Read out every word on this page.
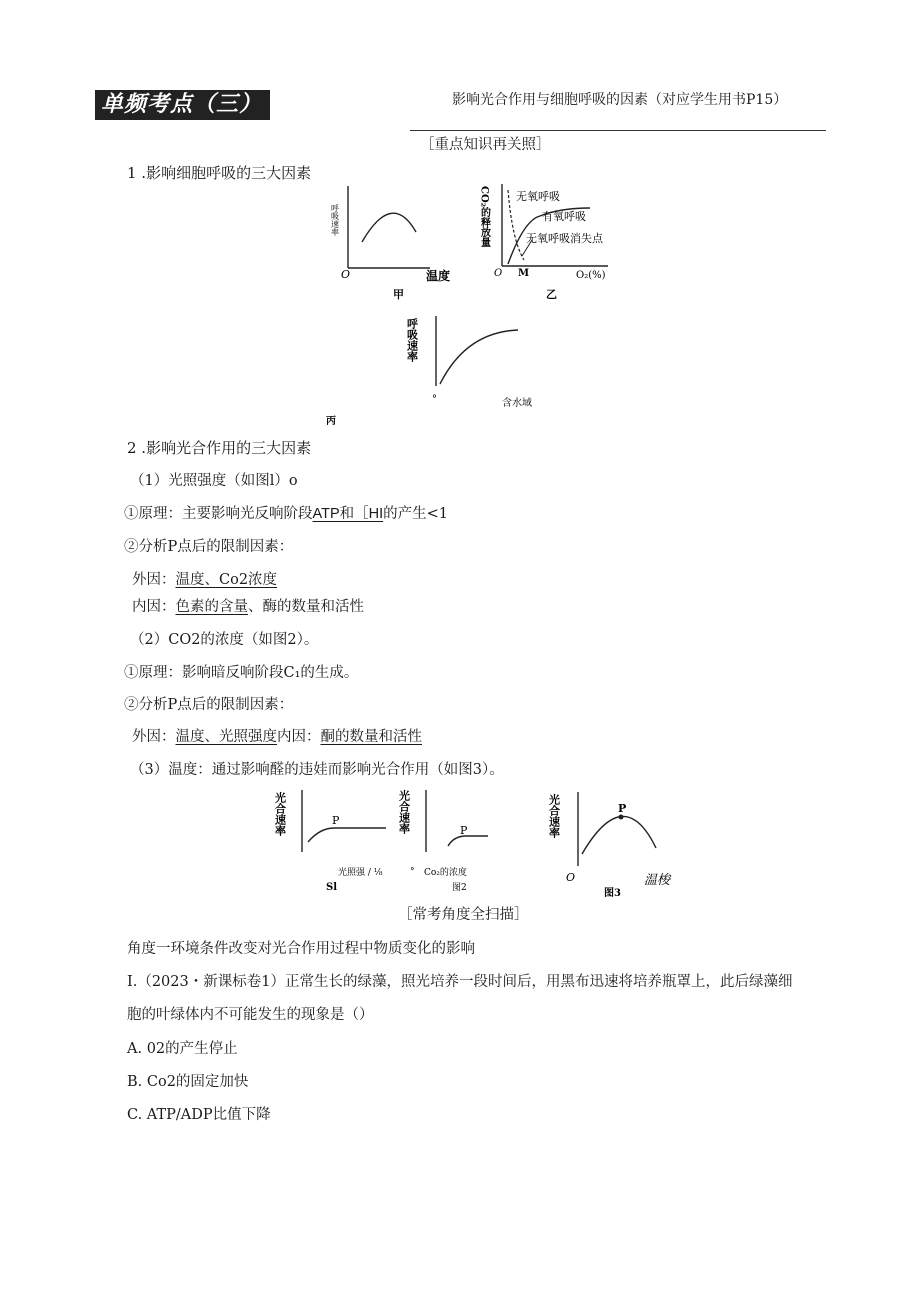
单频考点（三）	影响光合作用与细胞呼吸的因素（对应学生用书P15）
［重点知识再关照］
1 .影响细胞呼吸的三大因素
呼吸速率
O	温度
甲
CO₂的释放量 无氧呼吸
有氧呼吸
无氧呼吸消失点
O M	O₂(%)
乙
呼吸速率
°	含水域
丙
2 .影响光合作用的三大因素
（1）光照强度（如图l）o
①原理：主要影响光反响阶段ATP和［HI的产生<1
②分析P点后的限制因素：
外因：温度、Co2浓度
内因：色素的含量、酶的数量和活性
（2）CO2的浓度（如图2）。
①原理：影响暗反响阶段C₁的生成。
②分析P点后的限制因素：
外因：温度、光照强度内因：酮的数量和活性
（3）温度：通过影响醛的违娃而影响光合作用（如图3）。
光合速率	P
光照强 / ⅛
Sl
光合速率	P
° Co₂的浓度
图2
光合速率	P
O	温梭
图3
［常考角度全扫描］
角度一环境条件改变对光合作用过程中物质变化的影响
I.（2023・新课标卷1）正常生长的绿藻，照光培养一段时间后，用黑布迅速将培养瓶罩上，此后绿藻细
胞的叶绿体内不可能发生的现象是（）
A. 02的产生停止
B. Co2的固定加快
C. ATP/ADP比值下降
